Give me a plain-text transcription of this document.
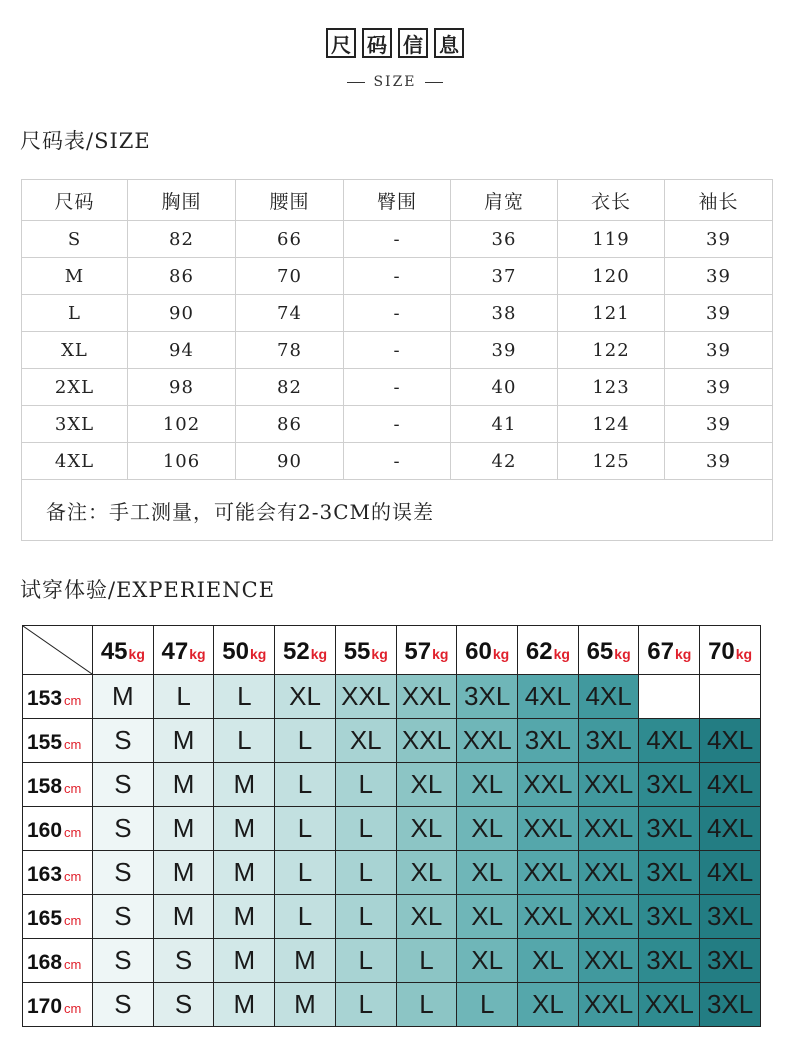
尺 码 信 息
SIZE
尺码表/SIZE
尺码	胸围	腰围	臀围	肩宽	衣长	袖长
S	82	66	-	36	119	39
M	86	70	-	37	120	39
L	90	74	-	38	121	39
XL	94	78	-	39	122	39
2XL	98	82	-	40	123	39
3XL	102	86	-	41	124	39
4XL	106	90	-	42	125	39
备注：手工测量，可能会有2-3CM的误差						
试穿体验/EXPERIENCE
	45kg	47kg	50kg	52kg	55kg	57kg	60kg	62kg	65kg	67kg	70kg
153 cm	M	L	L	XL	XXL	XXL	3XL	4XL	4XL		
155 cm	S	M	L	L	XL	XXL	XXL	3XL	3XL	4XL	4XL
158 cm	S	M	M	L	L	XL	XL	XXL	XXL	3XL	4XL
160 cm	S	M	M	L	L	XL	XL	XXL	XXL	3XL	4XL
163 cm	S	M	M	L	L	XL	XL	XXL	XXL	3XL	4XL
165 cm	S	M	M	L	L	XL	XL	XXL	XXL	3XL	3XL
168 cm	S	S	M	M	L	L	XL	XL	XXL	3XL	3XL
170 cm	S	S	M	M	L	L	L	XL	XXL	XXL	3XL
